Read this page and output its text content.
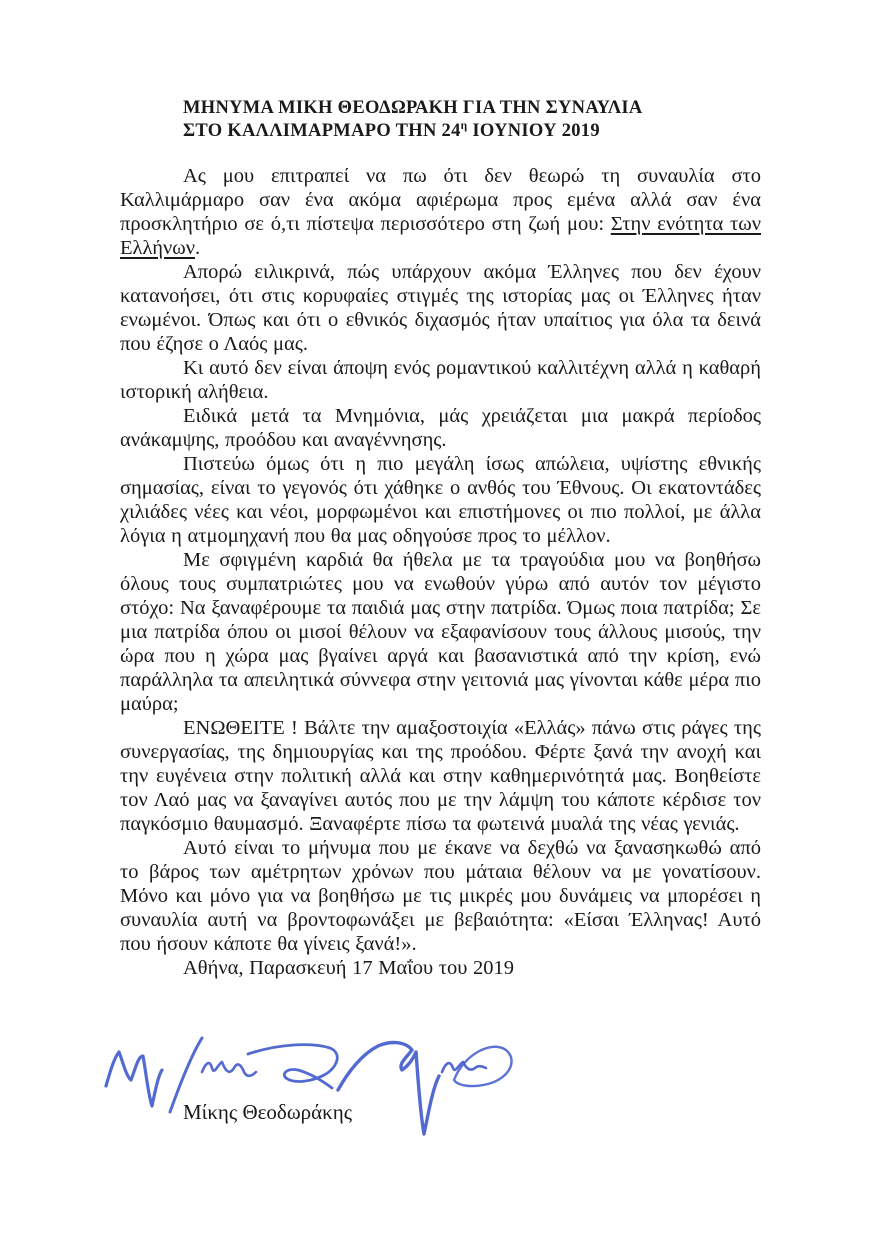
ΜΗΝΥΜΑ ΜΙΚΗ ΘΕΟΔΩΡΑΚΗ ΓΙΑ ΤΗΝ ΣΥΝΑΥΛΙΑ
ΣΤΟ ΚΑΛΛΙΜΑΡΜΑΡΟ ΤΗΝ $24^\eta$ ΙΟΥΝΙΟΥ 2019

Ας μου επιτραπεί να πω ότι δεν θεωρώ τη συναυλία στο Καλλιμάρμαρο σαν ένα ακόμα αφιέρωμα προς εμένα αλλά σαν ένα προσκλητήριο σε ό,τι πίστεψα περισσότερο στη ζωή μου: Στην ενότητα των Ελλήνων.

Απορώ ειλικρινά, πώς υπάρχουν ακόμα Έλληνες που δεν έχουν κατανοήσει, ότι στις κορυφαίες στιγμές της ιστορίας μας οι Έλληνες ήταν ενωμένοι. Όπως και ότι ο εθνικός διχασμός ήταν υπαίτιος για όλα τα δεινά που έζησε ο Λαός μας.

Κι αυτό δεν είναι άποψη ενός ρομαντικού καλλιτέχνη αλλά η καθαρή ιστορική αλήθεια.

Ειδικά μετά τα Μνημόνια, μάς χρειάζεται μια μακρά περίοδος ανάκαμψης, προόδου και αναγέννησης.

Πιστεύω όμως ότι η πιο μεγάλη ίσως απώλεια, υψίστης εθνικής σημασίας, είναι το γεγονός ότι χάθηκε ο ανθός του Έθνους. Οι εκατοντάδες χιλιάδες νέες και νέοι, μορφωμένοι και επιστήμονες οι πιο πολλοί, με άλλα λόγια η ατμομηχανή που θα μας οδηγούσε προς το μέλλον.

Με σφιγμένη καρδιά θα ήθελα με τα τραγούδια μου να βοηθήσω όλους τους συμπατριώτες μου να ενωθούν γύρω από αυτόν τον μέγιστο στόχο: Να ξαναφέρουμε τα παιδιά μας στην πατρίδα. Όμως ποια πατρίδα; Σε μια πατρίδα όπου οι μισοί θέλουν να εξαφανίσουν τους άλλους μισούς, την ώρα που η χώρα μας βγαίνει αργά και βασανιστικά από την κρίση, ενώ παράλληλα τα απειλητικά σύννεφα στην γειτονιά μας γίνονται κάθε μέρα πιο μαύρα;

ΕΝΩΘΕΙΤΕ ! Βάλτε την αμαξοστοιχία «Ελλάς» πάνω στις ράγες της συνεργασίας, της δημιουργίας και της προόδου. Φέρτε ξανά την ανοχή και την ευγένεια στην πολιτική αλλά και στην καθημερινότητά μας. Βοηθείστε τον Λαό μας να ξαναγίνει αυτός που με την λάμψη του κάποτε κέρδισε τον παγκόσμιο θαυμασμό. Ξαναφέρτε πίσω τα φωτεινά μυαλά της νέας γενιάς.

Αυτό είναι το μήνυμα που με έκανε να δεχθώ να ξανασηκωθώ από το βάρος των αμέτρητων χρόνων που μάταια θέλουν να με γονατίσουν. Μόνο και μόνο για να βοηθήσω με τις μικρές μου δυνάμεις να μπορέσει η συναυλία αυτή να βροντοφωνάξει με βεβαιότητα: «Είσαι Έλληνας! Αυτό που ήσουν κάποτε θα γίνεις ξανά!».

Αθήνα, Παρασκευή 17 Μαΐου του 2019

Μίκης Θεοδωράκης
